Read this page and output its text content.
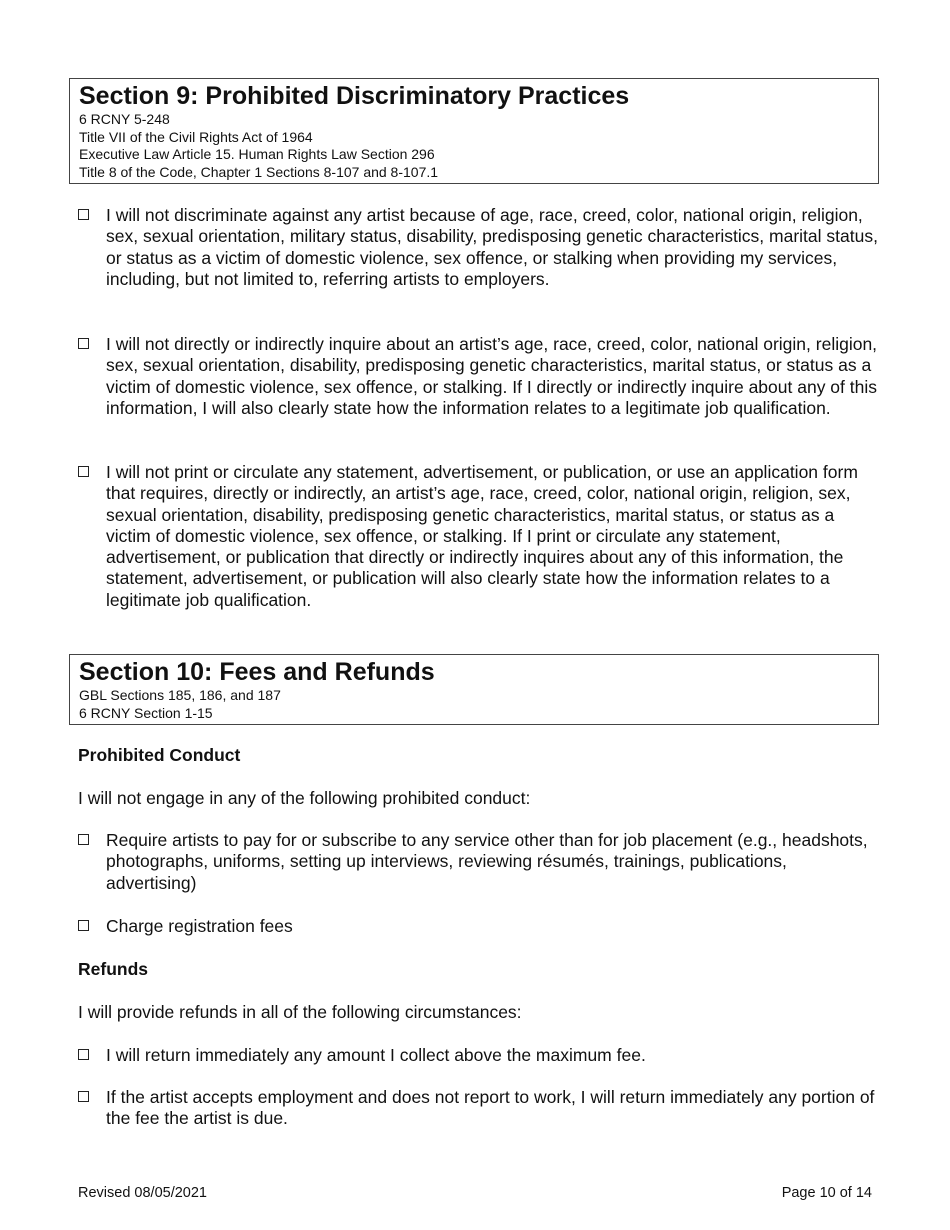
Section 9: Prohibited Discriminatory Practices

6 RCNY 5-248

Title VII of the Civil Rights Act of 1964

Executive Law Article 15. Human Rights Law Section 296

Title 8 of the Code, Chapter 1 Sections 8-107 and 8-107.1

I will not discriminate against any artist because of age, race, creed, color, national origin, religion, sex, sexual orientation, military status, disability, predisposing genetic characteristics, marital status, or status as a victim of domestic violence, sex offence, or stalking when providing my services, including, but not limited to, referring artists to employers.
I will not directly or indirectly inquire about an artist’s age, race, creed, color, national origin, religion, sex, sexual orientation, disability, predisposing genetic characteristics, marital status, or status as a victim of domestic violence, sex offence, or stalking. If I directly or indirectly inquire about any of this information, I will also clearly state how the information relates to a legitimate job qualification.
I will not print or circulate any statement, advertisement, or publication, or use an application form that requires, directly or indirectly, an artist’s age, race, creed, color, national origin, religion, sex, sexual orientation, disability, predisposing genetic characteristics, marital status, or status as a victim of domestic violence, sex offence, or stalking. If I print or circulate any statement, advertisement, or publication that directly or indirectly inquires about any of this information, the statement, advertisement, or publication will also clearly state how the information relates to a legitimate job qualification.

Section 10: Fees and Refunds

GBL Sections 185, 186, and 187

6 RCNY Section 1-15

Prohibited Conduct

I will not engage in any of the following prohibited conduct:

Require artists to pay for or subscribe to any service other than for job placement (e.g., headshots, photographs, uniforms, setting up interviews, reviewing résumés, trainings, publications, advertising)
Charge registration fees

Refunds

I will provide refunds in all of the following circumstances:

I will return immediately any amount I collect above the maximum fee.
If the artist accepts employment and does not report to work, I will return immediately any portion of the fee the artist is due.
Revised 08/05/2021	Page 10 of 14
